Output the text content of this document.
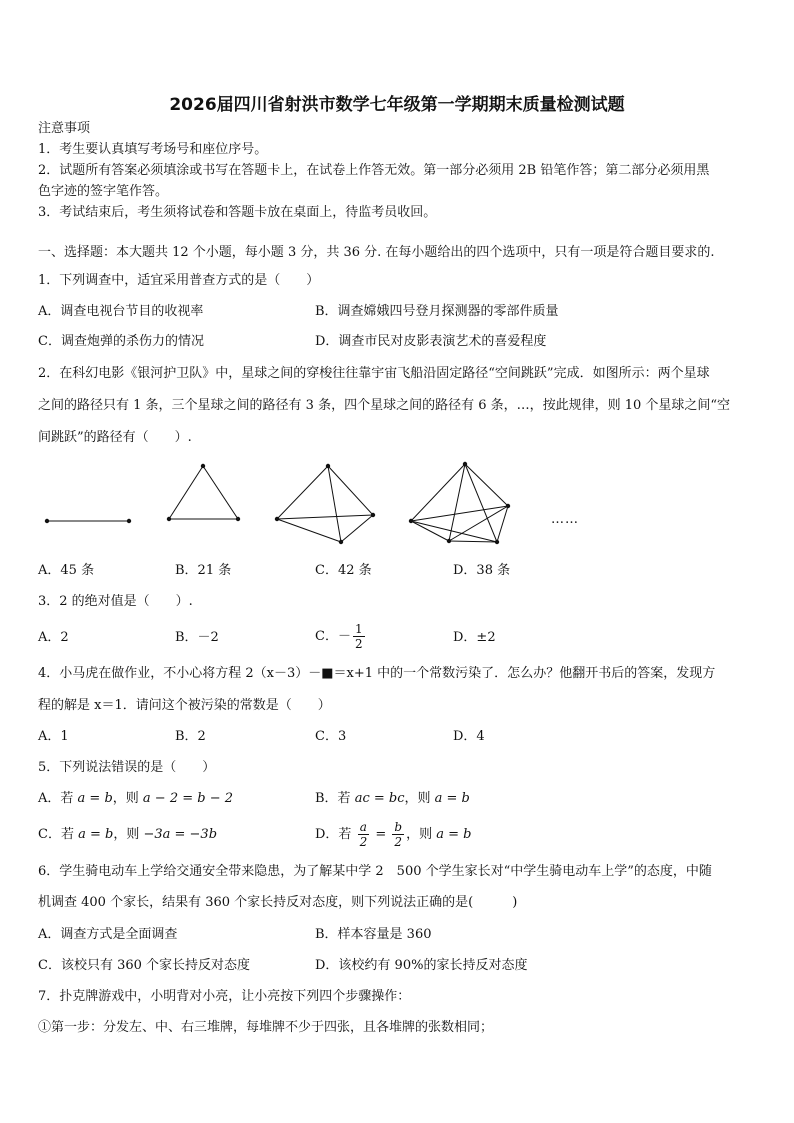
2026届四川省射洪市数学七年级第一学期期末质量检测试题
注意事项
1．考生要认真填写考场号和座位序号。
2．试题所有答案必须填涂或书写在答题卡上，在试卷上作答无效。第一部分必须用 2B 铅笔作答；第二部分必须用黑
色字迹的签字笔作答。
3．考试结束后，考生须将试卷和答题卡放在桌面上，待监考员收回。
一、选择题：本大题共 12 个小题，每小题 3 分，共 36 分. 在每小题给出的四个选项中，只有一项是符合题目要求的.
1．下列调查中，适宜采用普查方式的是（　　）
A．调查电视台节目的收视率	B．调查嫦娥四号登月探测器的零部件质量
C．调查炮弹的杀伤力的情况	D．调查市民对皮影表演艺术的喜爱程度
2．在科幻电影《银河护卫队》中，星球之间的穿梭往往靠宇宙飞船沿固定路径“空间跳跃”完成．如图所示：两个星球
之间的路径只有 1 条，三个星球之间的路径有 3 条，四个星球之间的路径有 6 条，…，按此规律，则 10 个星球之间“空
间跳跃”的路径有（　　）.
……
A．45 条	B．21 条	C．42 条	D．38 条
3．2 的绝对值是（　　）.
A．2	B．－2	C．－ $\frac{1}{2}$	D．±2
4．小马虎在做作业，不小心将方程 2（x－3）－■＝x+1 中的一个常数污染了．怎么办？他翻开书后的答案，发现方
程的解是 x＝1．请问这个被污染的常数是（　　）
A．1	B．2	C．3	D．4
5．下列说法错误的是（　　）
A．若 a = b，则 a − 2 = b − 2	B．若 ac = bc，则 a = b
C．若 a = b，则 −3a = −3b	D．若 $\frac{a}{2} = \frac{b}{2}$ ，则 a = b
6．学生骑电动车上学给交通安全带来隐患，为了解某中学 2　500 个学生家长对“中学生骑电动车上学”的态度，中随
机调查 400 个家长，结果有 360 个家长持反对态度，则下列说法正确的是(　　　)
A．调查方式是全面调查	B．样本容量是 360
C．该校只有 360 个家长持反对态度	D．该校约有 90%的家长持反对态度
7．扑克牌游戏中，小明背对小亮，让小亮按下列四个步骤操作：
①第一步：分发左、中、右三堆牌，每堆牌不少于四张，且各堆牌的张数相同；
